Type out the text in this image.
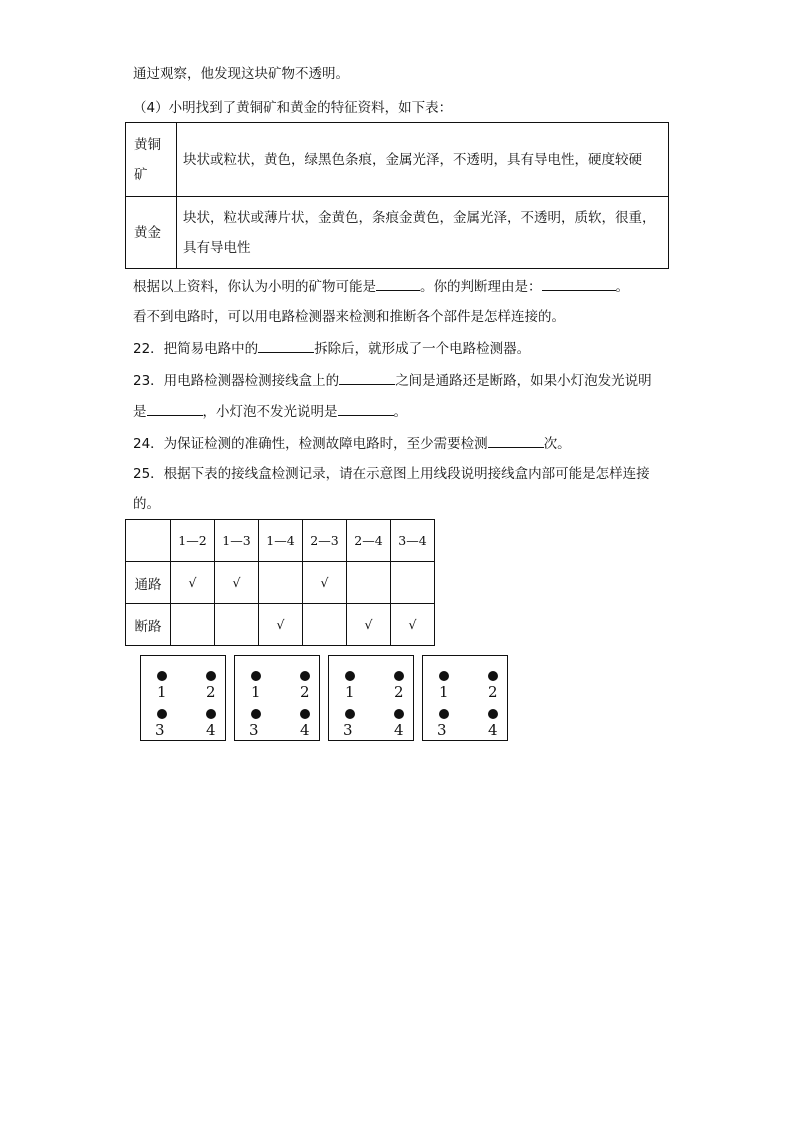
通过观察，他发现这块矿物不透明。
（4）小明找到了黄铜矿和黄金的特征资料，如下表：
黄铜矿	块状或粒状，黄色，绿黑色条痕，金属光泽，不透明，具有导电性，硬度较硬
黄金	块状，粒状或薄片状，金黄色，条痕金黄色，金属光泽，不透明，质软，很重，具有导电性
根据以上资料，你认为小明的矿物可能是	。你的判断理由是：	。
看不到电路时，可以用电路检测器来检测和推断各个部件是怎样连接的。
22．把简易电路中的	拆除后，就形成了一个电路检测器。
23．用电路检测器检测接线盒上的	之间是通路还是断路，如果小灯泡发光说明
是	，小灯泡不发光说明是	。
24．为保证检测的准确性，检测故障电路时，至少需要检测	次。
25．根据下表的接线盒检测记录，请在示意图上用线段说明接线盒内部可能是怎样连接
的。
	1—2	1—3	1—4	2—3	2—4	3—4
通路	√	√		√		
断路			√		√	√
1	2
3	4
1	2
3	4
1	2
3	4
1	2
3	4
